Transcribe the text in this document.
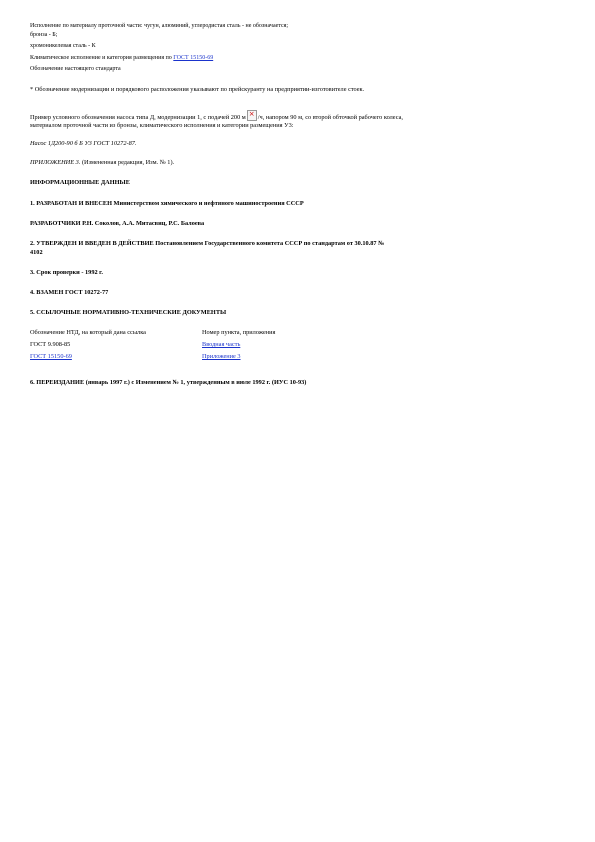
Исполнение по материалу проточной части: чугун, алюминий, углеродистая сталь - не обозначается;
бронза - Б;
хромоникелевая сталь - К
Климатическое исполнение и категория размещения по ГОСТ 15150-69
Обозначение настоящего стандарта
* Обозначение модернизации и порядкового расположения указывают по прейскуранту на предприятии-изготовителе стоек.
Пример условного обозначения насоса типа Д, модернизации 1, с подачей 200 м × /ч, напором 90 м, со второй обточкой рабочего колеса,
материалом проточной части из бронзы, климатического исполнения и категории размещения У3:
Насос 1Д200-90 б Б У3 ГОСТ 10272-87.
ПРИЛОЖЕНИЕ 3. (Измененная редакция, Изм. № 1).
ИНФОРМАЦИОННЫЕ ДАННЫЕ
1. РАЗРАБОТАН И ВНЕСЕН Министерством химического и нефтяного машиностроения СССР
РАЗРАБОТЧИКИ Р.Н. Соколов, А.А. Митасвиц, Р.С. Балоева
2. УТВЕРЖДЕН И ВВЕДЕН В ДЕЙСТВИЕ Постановлением Государственного комитета СССР по стандартам от 30.10.87 №
4102
3. Срок проверки - 1992 г.
4. ВЗАМЕН ГОСТ 10272-77
5. ССЫЛОЧНЫЕ НОРМАТИВНО-ТЕХНИЧЕСКИЕ ДОКУМЕНТЫ
Обозначение НТД, на который дана ссылка	Номер пункта, приложения
ГОСТ 9.908-85	Вводная часть
ГОСТ 15150-69	Приложение 3
6. ПЕРЕИЗДАНИЕ (январь 1997 г.) с Изменением № 1, утвержденным в июле 1992 г. (ИУС 10-93)
